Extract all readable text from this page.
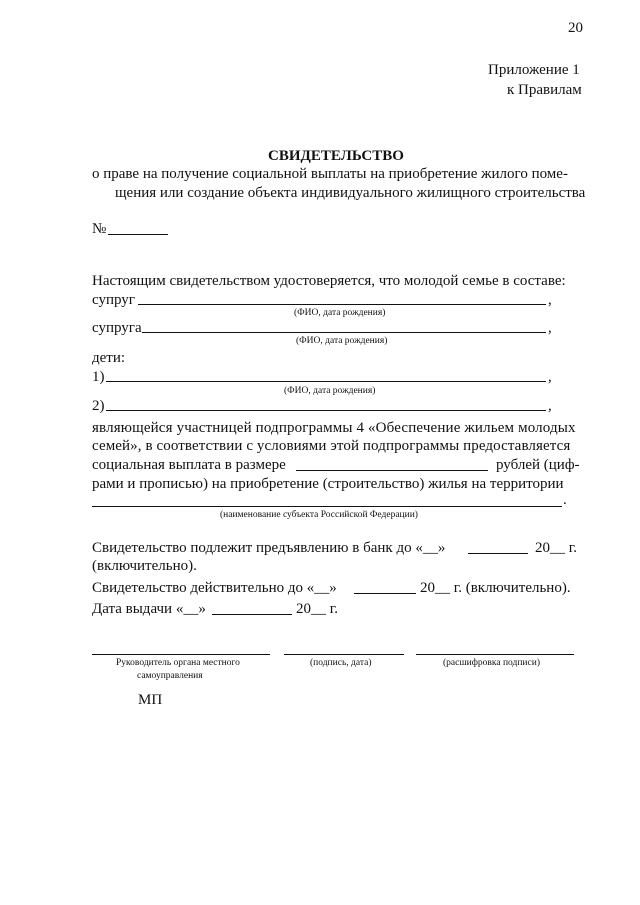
20
Приложение 1
к Правилам
СВИДЕТЕЛЬСТВО
о праве на получение социальной выплаты на приобретение жилого поме-
щения или создание объекта индивидуального жилищного строительства
№
Настоящим свидетельством удостоверяется, что молодой семье в составе:
супруг	,
(ФИО, дата рождения)
супруга	,
(ФИО, дата рождения)
дети:
1)	,
(ФИО, дата рождения)
2)	,
являющейся участницей подпрограммы 4 «Обеспечение жильем молодых
семей», в соответствии с условиями этой подпрограммы предоставляется
социальная выплата в размере	рублей (циф-
рами и прописью) на приобретение (строительство) жилья на территории
.
(наименование субъекта Российской Федерации)
Свидетельство подлежит предъявлению в банк до «__»	20__ г.
(включительно).
Свидетельство действительно до «__»	20__ г. (включительно).
Дата выдачи «__»	20__ г.
Руководитель органа местного
самоуправления
(подпись, дата)	(расшифровка подписи)
МП
